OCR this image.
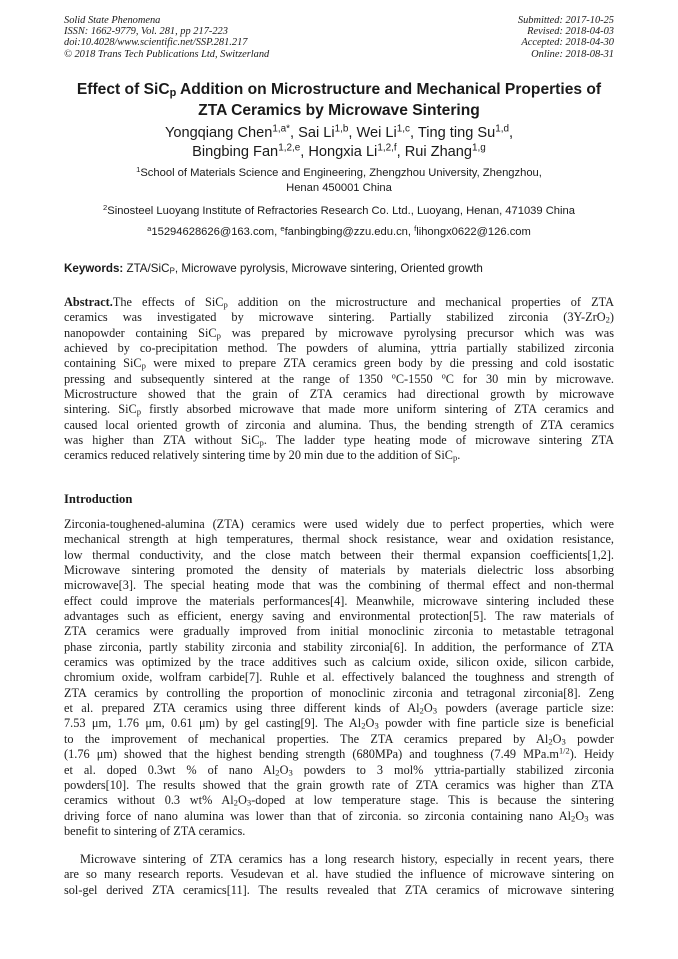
Solid State Phenomena
ISSN: 1662-9779, Vol. 281, pp 217-223
doi:10.4028/www.scientific.net/SSP.281.217
© 2018 Trans Tech Publications Ltd, Switzerland
Submitted: 2017-10-25
Revised: 2018-04-03
Accepted: 2018-04-30
Online: 2018-08-31
Effect of SiC$_p$ Addition on Microstructure and Mechanical Properties of
ZTA Ceramics by Microwave Sintering
Yongqiang Chen$^{1,a*}$, Sai Li$^{1,b}$, Wei Li$^{1,c}$, Ting ting Su$^{1,d}$,
Bingbing Fan$^{1,2,e}$, Hongxia Li$^{1,2,f}$, Rui Zhang$^{1,g}$
$^1$School of Materials Science and Engineering, Zhengzhou University, Zhengzhou,
Henan 450001 China
$^2$Sinosteel Luoyang Institute of Refractories Research Co. Ltd., Luoyang, Henan, 471039 China
$^a$15294628626@163.com, $^e$fanbingbing@zzu.edu.cn, $^f$lihongx0622@126.com
Keywords: ZTA/SiC$_P$, Microwave pyrolysis, Microwave sintering, Oriented growth
Abstract.The effects of SiC$_p$ addition on the microstructure and mechanical properties of ZTA
ceramics was investigated by microwave sintering. Partially stabilized zirconia (3Y-ZrO$_2$)
nanopowder containing SiC$_p$ was prepared by microwave pyrolysing precursor which was was
achieved by co-precipitation method. The powders of alumina, yttria partially stabilized zirconia
containing SiC$_p$ were mixed to prepare ZTA ceramics green body by die pressing and cold isostatic
pressing and subsequently sintered at the range of 1350 $^o$C-1550 $^o$C for 30 min by microwave.
Microstructure showed that the grain of ZTA ceramics had directional growth by microwave
sintering. SiC$_p$ firstly absorbed microwave that made more uniform sintering of ZTA ceramics and
caused local oriented growth of zirconia and alumina. Thus, the bending strength of ZTA ceramics
was higher than ZTA without SiC$_p$. The ladder type heating mode of microwave sintering ZTA
ceramics reduced relatively sintering time by 20 min due to the addition of SiC$_p$.
Introduction
Zirconia-toughened-alumina (ZTA) ceramics were used widely due to perfect properties, which were
mechanical strength at high temperatures, thermal shock resistance, wear and oxidation resistance,
low thermal conductivity, and the close match between their thermal expansion coefficients[1,2].
Microwave sintering promoted the density of materials by materials dielectric loss absorbing
microwave[3]. The special heating mode that was the combining of thermal effect and non-thermal
effect could improve the materials performances[4]. Meanwhile, microwave sintering included these
advantages such as efficient, energy saving and environmental protection[5]. The raw materials of
ZTA ceramics were gradually improved from initial monoclinic zirconia to metastable tetragonal
phase zirconia, partly stability zirconia and stability zirconia[6]. In addition, the performance of ZTA
ceramics was optimized by the trace additives such as calcium oxide, silicon oxide, silicon carbide,
chromium oxide, wolfram carbide[7]. Ruhle et al. effectively balanced the toughness and strength of
ZTA ceramics by controlling the proportion of monoclinic zirconia and tetragonal zirconia[8]. Zeng
et al. prepared ZTA ceramics using three different kinds of $Al_2O_3$ powders (average particle size:
7.53 μm, 1.76 μm, 0.61 μm) by gel casting[9]. The $Al_2O_3$ powder with fine particle size is beneficial
to the improvement of mechanical properties. The ZTA ceramics prepared by $Al_2O_3$ powder
(1.76 μm) showed that the highest bending strength (680MPa) and toughness (7.49 $MPa.m^{1/2}$). Heidy
et al. doped 0.3wt % of nano $Al_2O_3$ powders to 3 mol% yttria-partially stabilized zirconia
powders[10]. The results showed that the grain growth rate of ZTA ceramics was higher than ZTA
ceramics without 0.3 wt% $Al_2O_3$-doped at low temperature stage. This is because the sintering
driving force of nano alumina was lower than that of zirconia. so zirconia containing nano $Al_2O_3$ was
benefit to sintering of ZTA ceramics.
Microwave sintering of ZTA ceramics has a long research history, especially in recent years, there
are so many research reports. Vesudevan et al. have studied the influence of microwave sintering on
sol-gel derived ZTA ceramics[11]. The results revealed that ZTA ceramics of microwave sintering
